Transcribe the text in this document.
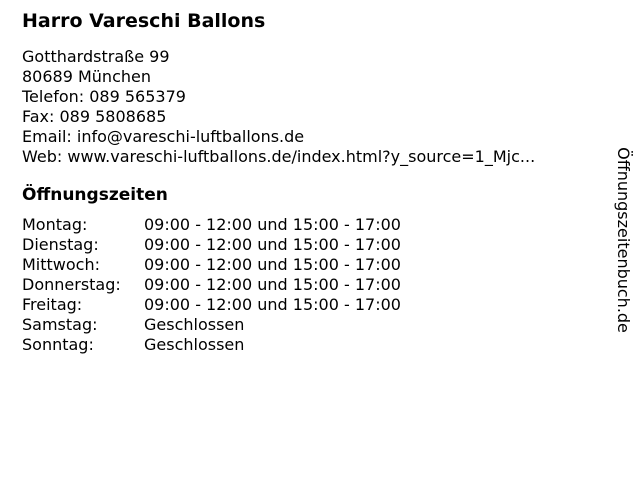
Harro Vareschi Ballons
Gotthardstraße 99
80689 München
Telefon: 089 565379
Fax: 089 5808685
Email: info@vareschi-luftballons.de
Web: www.vareschi-luftballons.de/index.html?y_source=1_Mjc...
Öffnungszeiten
Montag:	09:00 - 12:00 und 15:00 - 17:00
Dienstag:	09:00 - 12:00 und 15:00 - 17:00
Mittwoch:	09:00 - 12:00 und 15:00 - 17:00
Donnerstag:	09:00 - 12:00 und 15:00 - 17:00
Freitag:	09:00 - 12:00 und 15:00 - 17:00
Samstag:	Geschlossen
Sonntag:	Geschlossen
Öffnungszeitenbuch.de
